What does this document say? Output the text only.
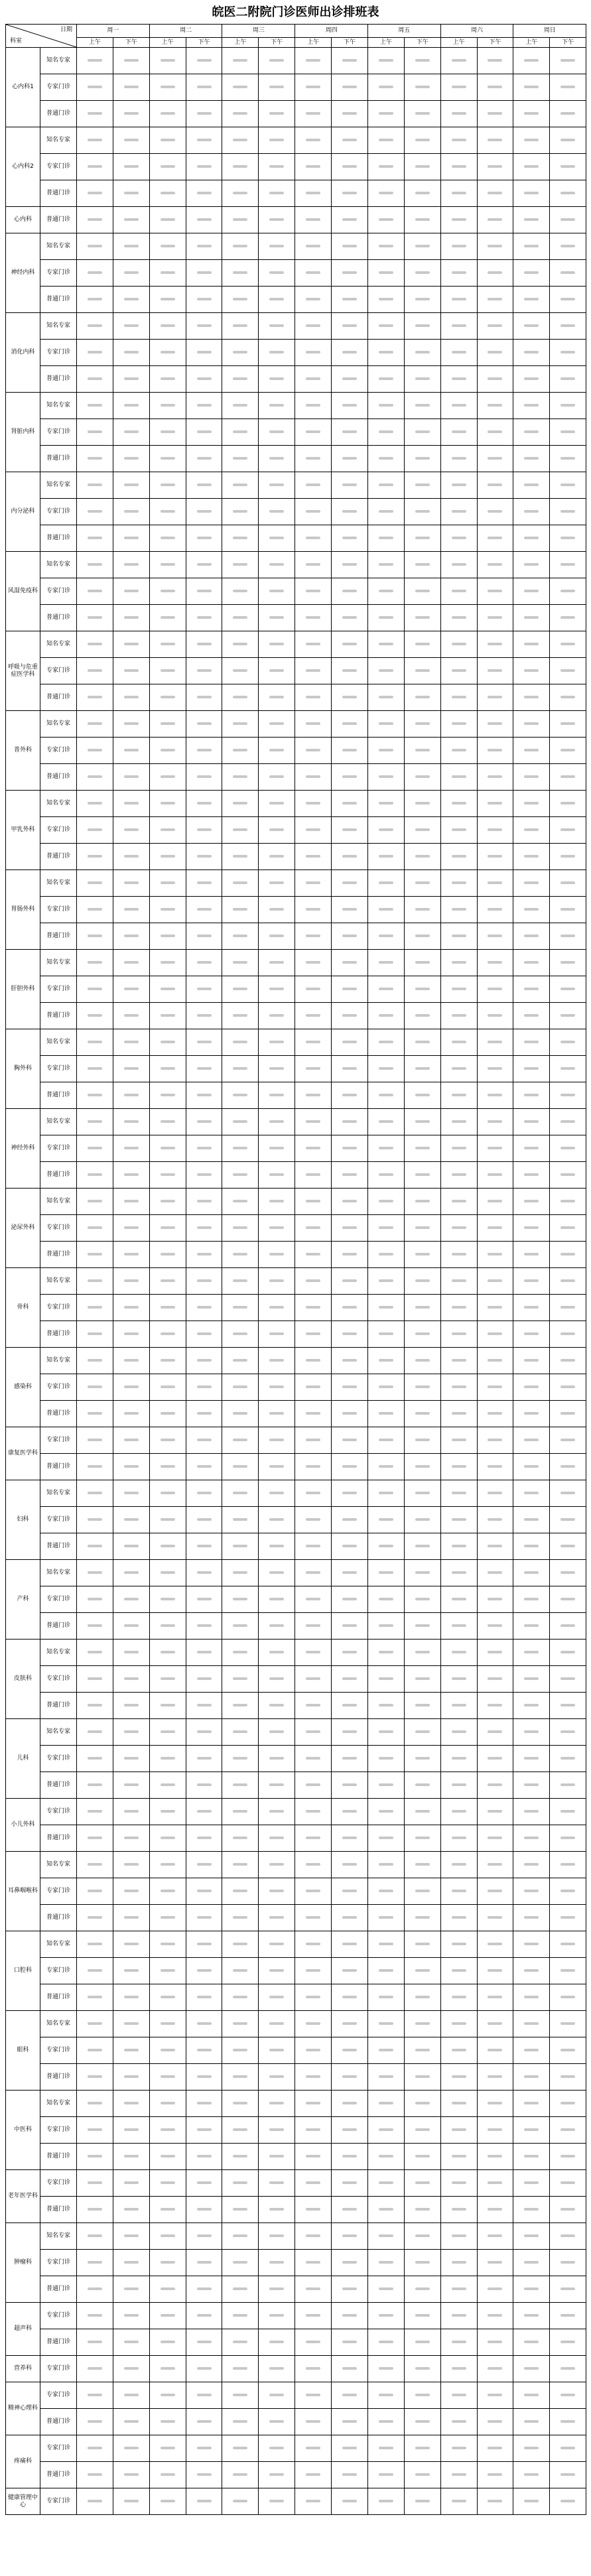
皖医二附院门诊医师出诊排班表
日期
科室		周一		周二		周三		周四		周五		周六		周日	
		上午	下午	上午	下午	上午	下午	上午	下午	上午	下午	上午	下午	上午	下午
心内科1	知名专家														
	专家门诊														
	普通门诊														
心内科2	知名专家														
	专家门诊														
	普通门诊														
心内科	普通门诊														
神经内科	知名专家														
	专家门诊														
	普通门诊														
消化内科	知名专家														
	专家门诊														
	普通门诊														
肾脏内科	知名专家														
	专家门诊														
	普通门诊														
内分泌科	知名专家														
	专家门诊														
	普通门诊														
风湿免疫科	知名专家														
	专家门诊														
	普通门诊														
呼吸与危重症医学科	知名专家														
	专家门诊														
	普通门诊														
普外科	知名专家														
	专家门诊														
	普通门诊														
甲乳外科	知名专家														
	专家门诊														
	普通门诊														
胃肠外科	知名专家														
	专家门诊														
	普通门诊														
肝胆外科	知名专家														
	专家门诊														
	普通门诊														
胸外科	知名专家														
	专家门诊														
	普通门诊														
神经外科	知名专家														
	专家门诊														
	普通门诊														
泌尿外科	知名专家														
	专家门诊														
	普通门诊														
骨科	知名专家														
	专家门诊														
	普通门诊														
感染科	知名专家														
	专家门诊														
	普通门诊														
康复医学科	专家门诊														
	普通门诊														
妇科	知名专家														
	专家门诊														
	普通门诊														
产科	知名专家														
	专家门诊														
	普通门诊														
皮肤科	知名专家														
	专家门诊														
	普通门诊														
儿科	知名专家														
	专家门诊														
	普通门诊														
小儿外科	专家门诊														
	普通门诊														
耳鼻咽喉科	知名专家														
	专家门诊														
	普通门诊														
口腔科	知名专家														
	专家门诊														
	普通门诊														
眼科	知名专家														
	专家门诊														
	普通门诊														
中医科	知名专家														
	专家门诊														
	普通门诊														
老年医学科	专家门诊														
	普通门诊														
肿瘤科	知名专家														
	专家门诊														
	普通门诊														
超声科	专家门诊														
	普通门诊														
营养科	专家门诊														
精神心理科	专家门诊														
	普通门诊														
疼痛科	专家门诊														
	普通门诊														
健康管理中心	专家门诊														
